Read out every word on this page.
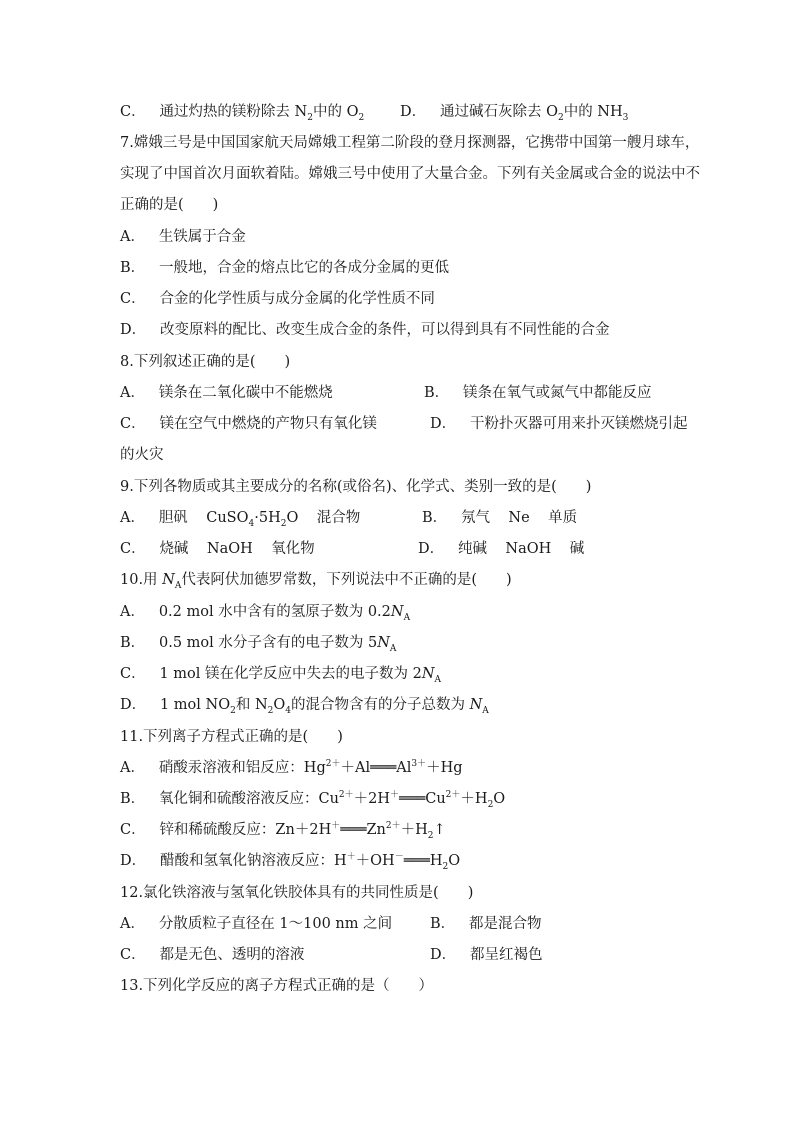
C． 通过灼热的镁粉除去 $N_2$中的 $O_2$ D． 通过碱石灰除去 $O_2$中的 $NH_3$
7.嫦娥三号是中国国家航天局嫦娥工程第二阶段的登月探测器，它携带中国第一艘月球车，
实现了中国首次月面软着陆。嫦娥三号中使用了大量合金。下列有关金属或合金的说法中不
正确的是(　　)
A． 生铁属于合金
B． 一般地，合金的熔点比它的各成分金属的更低
C． 合金的化学性质与成分金属的化学性质不同
D． 改变原料的配比、改变生成合金的条件，可以得到具有不同性能的合金
8.下列叙述正确的是(　　)
A． 镁条在二氧化碳中不能燃烧	B． 镁条在氧气或氮气中都能反应
C． 镁在空气中燃烧的产物只有氧化镁	D． 干粉扑灭器可用来扑灭镁燃烧引起
的火灾
9.下列各物质或其主要成分的名称(或俗名)、化学式、类别一致的是(　　)
A． 胆矾 $CuSO_4\cdot 5H_2O$ 混合物	B． 氖气 Ne 单质
C． 烧碱 NaOH 氧化物	D． 纯碱 NaOH 碱
10.用 $N_A$代表阿伏加德罗常数，下列说法中不正确的是(　　)
A． 0.2 mol 水中含有的氢原子数为 $0.2N_A$
B． 0.5 mol 水分子含有的电子数为 $5N_A$
C． 1 mol 镁在化学反应中失去的电子数为 $2N_A$
D． 1 mol $NO_2$和 $N_2O_4$的混合物含有的分子总数为 $N_A$
11.下列离子方程式正确的是(　　)
A． 硝酸汞溶液和铝反应：$Hg^{2+}+Al═══Al^{3+}+Hg$
B． 氧化铜和硫酸溶液反应：$Cu^{2+}+2H^+═══Cu^{2+}+H_2O$
C． 锌和稀硫酸反应：$Zn+2H^+═══Zn^{2+}+H_2↑$
D． 醋酸和氢氧化钠溶液反应：$H^++OH^-═══H_2O$
12.氯化铁溶液与氢氧化铁胶体具有的共同性质是(　　)
A． 分散质粒子直径在 1～100 nm 之间	B． 都是混合物
C． 都是无色、透明的溶液	D． 都呈红褐色
13.下列化学反应的离子方程式正确的是（　　）
